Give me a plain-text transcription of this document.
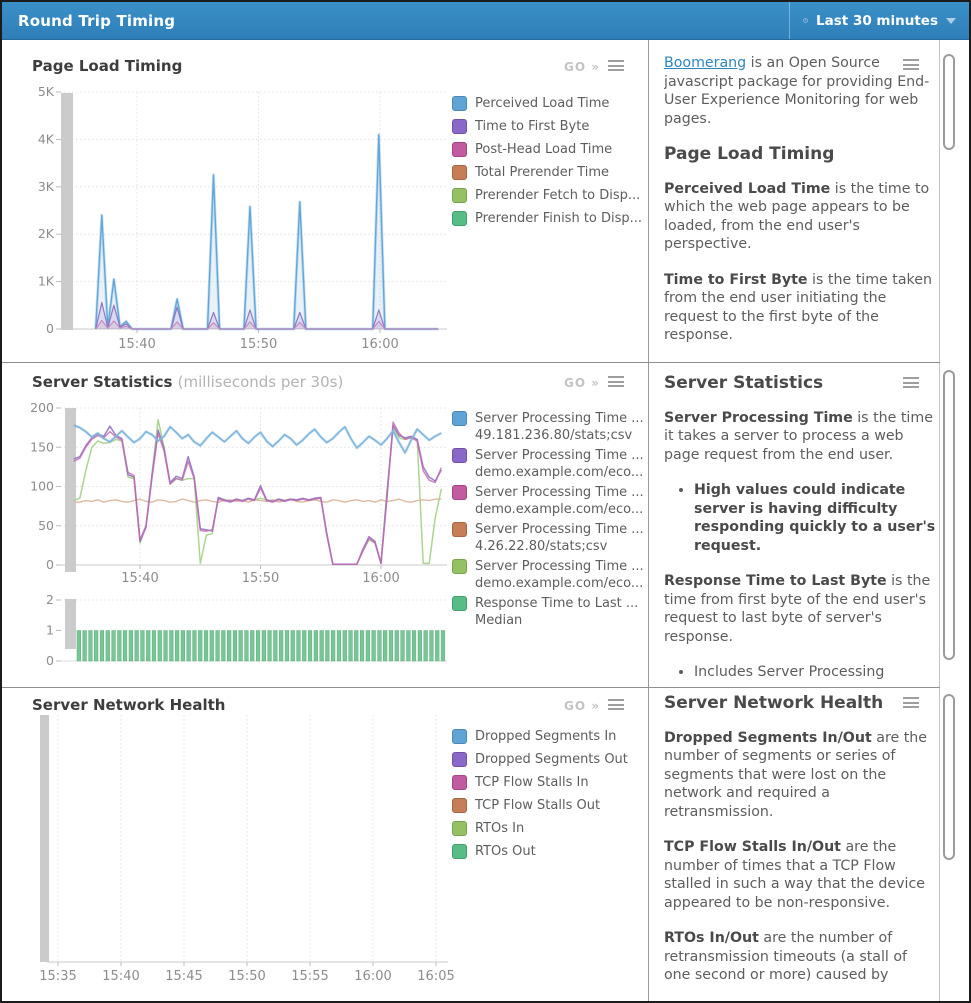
Round Trip Timing	Last 30 minutes
Page Load Timing	GO »
5K
4K
3K
2K
1K
0
15:40	15:50	16:00
Perceived Load Time
Time to First Byte
Post-Head Load Time
Total Prerender Time
Prerender Fetch to Disp...
Prerender Finish to Disp...

Boomerang is an Open Source javascript package for providing End-User Experience Monitoring for web pages.

Page Load Timing

Perceived Load Time is the time to which the web page appears to be loaded, from the end user's perspective.

Time to First Byte is the time taken from the end user initiating the request to the first byte of the response.

Server Statistics (milliseconds per 30s)	GO »
200
150
100
50
0
15:40	15:50	16:00
2
1
0
Server Processing Time ...
49.181.236.80/stats;csv
Server Processing Time ...
demo.example.com/eco...
Server Processing Time ...
demo.example.com/eco...
Server Processing Time ...
4.26.22.80/stats;csv
Server Processing Time ...
demo.example.com/eco...
Response Time to Last ...
Median
Server Statistics

Server Processing Time is the time it takes a server to process a web page request from the end user.

• High values could indicate server is having difficulty responding quickly to a user's request.

Response Time to Last Byte is the time from first byte of the end user's request to last byte of server's response.

• Includes Server Processing
Server Network Health	GO »
15:35 15:40 15:45 15:50 15:55 16:00 16:05
Dropped Segments In
Dropped Segments Out
TCP Flow Stalls In
TCP Flow Stalls Out
RTOs In
RTOs Out
Server Network Health

Dropped Segments In/Out are the number of segments or series of segments that were lost on the network and required a retransmission.

TCP Flow Stalls In/Out are the number of times that a TCP Flow stalled in such a way that the device appeared to be non-responsive.

RTOs In/Out are the number of retransmission timeouts (a stall of one second or more) caused by
